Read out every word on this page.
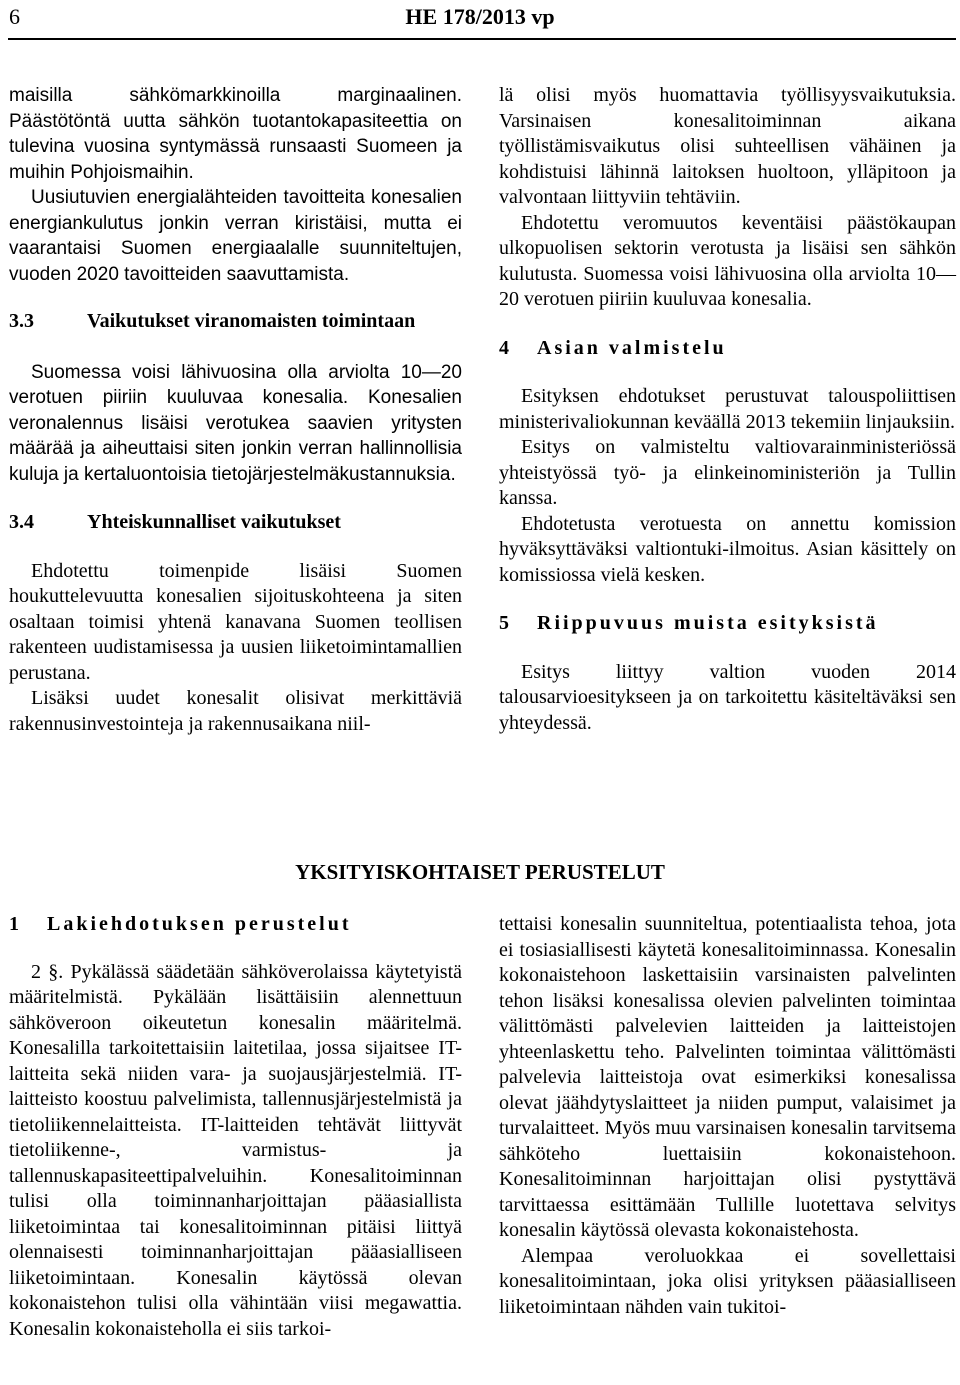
6	HE 178/2013 vp

maisilla sähkömarkkinoilla marginaalinen. Päästötöntä uutta sähkön tuotantokapasiteettia on tulevina vuosina syntymässä runsaasti Suomeen ja muihin Pohjoismaihin.

Uusiutuvien energialähteiden tavoitteita konesalien energiankulutus jonkin verran kiristäisi, mutta ei vaarantaisi Suomen energiaalalle suunniteltujen, vuoden 2020 tavoitteiden saavuttamista.

3.3	Vaikutukset viranomaisten toimintaan

Suomessa voisi lähivuosina olla arviolta 10—20 verotuen piiriin kuuluvaa konesalia. Konesalien veronalennus lisäisi verotukea saavien yritysten määrää ja aiheuttaisi siten jonkin verran hallinnollisia kuluja ja kertaluontoisia tietojärjestelmäkustannuksia.

3.4	Yhteiskunnalliset vaikutukset

Ehdotettu toimenpide lisäisi Suomen houkuttelevuutta konesalien sijoituskohteena ja siten osaltaan toimisi yhtenä kanavana Suomen teollisen rakenteen uudistamisessa ja uusien liiketoimintamallien perustana.

Lisäksi uudet konesalit olisivat merkittäviä rakennusinvestointeja ja rakennusaikana niil-

lä olisi myös huomattavia työllisyysvaikutuksia. Varsinaisen konesalitoiminnan aikana työllistämisvaikutus olisi suhteellisen vähäinen ja kohdistuisi lähinnä laitoksen huoltoon, ylläpitoon ja valvontaan liittyviin tehtäviin.

Ehdotettu veromuutos keventäisi päästökaupan ulkopuolisen sektorin verotusta ja lisäisi sen sähkön kulutusta. Suomessa voisi lähivuosina olla arviolta 10—20 verotuen piiriin kuuluvaa konesalia.

4	Asian valmistelu

Esityksen ehdotukset perustuvat talouspoliittisen ministerivaliokunnan keväällä 2013 tekemiin linjauksiin.

Esitys on valmisteltu valtiovarainministeriössä yhteistyössä työ- ja elinkeinoministeriön ja Tullin kanssa.

Ehdotetusta verotuesta on annettu komission hyväksyttäväksi valtiontuki-ilmoitus. Asian käsittely on komissiossa vielä kesken.

5	Riippuvuus muista esityksistä

Esitys liittyy valtion vuoden 2014 talousarvioesitykseen ja on tarkoitettu käsiteltäväksi sen yhteydessä.

YKSITYISKOHTAISET PERUSTELUT
1	Lakiehdotuksen perustelut

2 §. Pykälässä säädetään sähköverolaissa käytetyistä määritelmistä. Pykälään lisättäisiin alennettuun sähköveroon oikeutetun konesalin määritelmä. Konesalilla tarkoitettaisiin laitetilaa, jossa sijaitsee IT-laitteita sekä niiden vara- ja suojausjärjestelmiä. IT-laitteisto koostuu palvelimista, tallennusjärjestelmistä ja tietoliikennelaitteista. IT-laitteiden tehtävät liittyvät tietoliikenne-, varmistus- ja tallennuskapasiteettipalveluihin. Konesalitoiminnan tulisi olla toiminnanharjoittajan pääasiallista liiketoimintaa tai konesalitoiminnan pitäisi liittyä olennaisesti toiminnanharjoittajan pääasialliseen liiketoimintaan. Konesalin käytössä olevan kokonaistehon tulisi olla vähintään viisi megawattia. Konesalin kokonaisteholla ei siis tarkoi-

tettaisi konesalin suunniteltua, potentiaalista tehoa, jota ei tosiasiallisesti käytetä konesalitoiminnassa. Konesalin kokonaistehoon laskettaisiin varsinaisten palvelinten tehon lisäksi konesalissa olevien palvelinten toimintaa välittömästi palvelevien laitteiden ja laitteistojen yhteenlaskettu teho. Palvelinten toimintaa välittömästi palvelevia laitteistoja ovat esimerkiksi konesalissa olevat jäähdytyslaitteet ja niiden pumput, valaisimet ja turvalaitteet. Myös muu varsinaisen konesalin tarvitsema sähköteho luettaisiin kokonaistehoon. Konesalitoiminnan harjoittajan olisi pystyttävä tarvittaessa esittämään Tullille luotettava selvitys konesalin käytössä olevasta kokonaistehosta.

Alempaa veroluokkaa ei sovellettaisi konesalitoimintaan, joka olisi yrityksen pääasialliseen liiketoimintaan nähden vain tukitoi-
